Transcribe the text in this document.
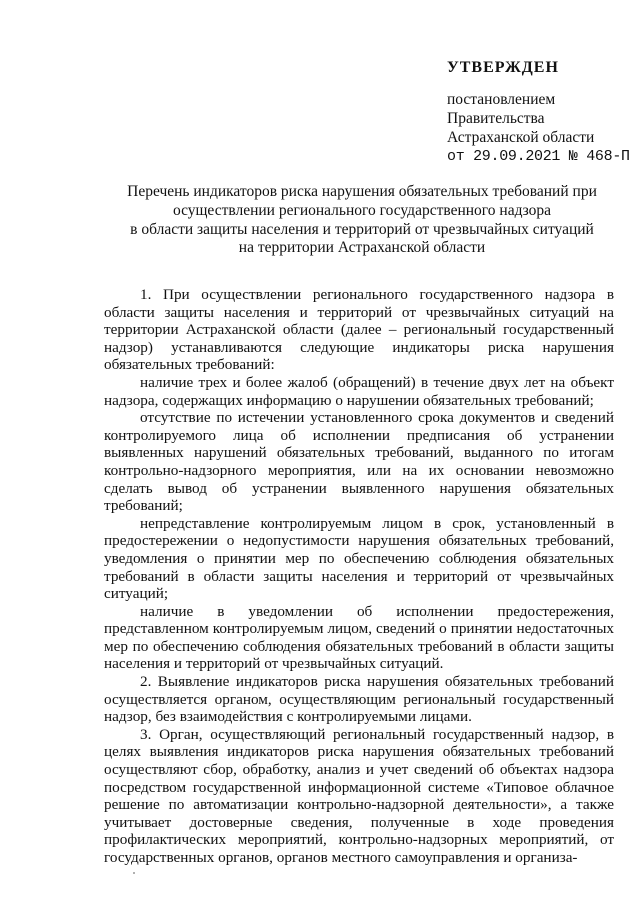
УТВЕРЖДЕН
постановлением
Правительства
Астраханской области
от 29.09.2021 № 468-П
Перечень индикаторов риска нарушения обязательных требований при
осуществлении регионального государственного надзора
в области защиты населения и территорий от чрезвычайных ситуаций
на территории Астраханской области

1. При осуществлении регионального государственного надзора в области защиты населения и территорий от чрезвычайных ситуаций на территории Астраханской области (далее – региональный государственный надзор) устанавливаются следующие индикаторы риска нарушения обязательных требований:

наличие трех и более жалоб (обращений) в течение двух лет на объект надзора, содержащих информацию о нарушении обязательных требований;

отсутствие по истечении установленного срока документов и сведений контролируемого лица об исполнении предписания об устранении выявленных нарушений обязательных требований, выданного по итогам контрольно-надзорного мероприятия, или на их основании невозможно сделать вывод об устранении выявленного нарушения обязательных требований;

непредставление контролируемым лицом в срок, установленный в предостережении о недопустимости нарушения обязательных требований, уведомления о принятии мер по обеспечению соблюдения обязательных требований в области защиты населения и территорий от чрезвычайных ситуаций;

наличие в уведомлении об исполнении предостережения, представленном контролируемым лицом, сведений о принятии недостаточных мер по обеспечению соблюдения обязательных требований в области защиты населения и территорий от чрезвычайных ситуаций.

2. Выявление индикаторов риска нарушения обязательных требований осуществляется органом, осуществляющим региональный государственный надзор, без взаимодействия с контролируемыми лицами.

3. Орган, осуществляющий региональный государственный надзор, в целях выявления индикаторов риска нарушения обязательных требований осуществляют сбор, обработку, анализ и учет сведений об объектах надзора посредством государственной информационной системе «Типовое облачное решение по автоматизации контрольно-надзорной деятельности», а также учитывает достоверные сведения, полученные в ходе проведения профилактических мероприятий, контрольно-надзорных мероприятий, от государственных органов, органов местного самоуправления и организа-
